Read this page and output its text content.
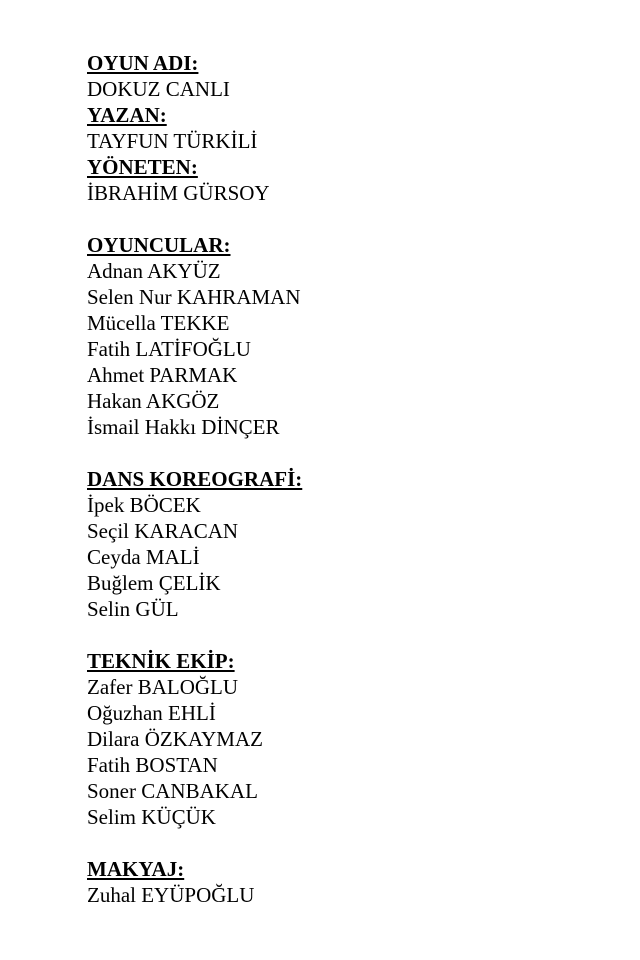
OYUN ADI:
DOKUZ CANLI
YAZAN:
TAYFUN TÜRKİLİ
YÖNETEN:
İBRAHİM GÜRSOY
OYUNCULAR:
Adnan AKYÜZ
Selen Nur KAHRAMAN
Mücella TEKKE
Fatih LATİFOĞLU
Ahmet PARMAK
Hakan AKGÖZ
İsmail Hakkı DİNÇER
DANS KOREOGRAFİ:
İpek BÖCEK
Seçil KARACAN
Ceyda MALİ
Buğlem ÇELİK
Selin GÜL
TEKNİK EKİP:
Zafer BALOĞLU
Oğuzhan EHLİ
Dilara ÖZKAYMAZ
Fatih BOSTAN
Soner CANBAKAL
Selim KÜÇÜK
MAKYAJ:
Zuhal EYÜPOĞLU
